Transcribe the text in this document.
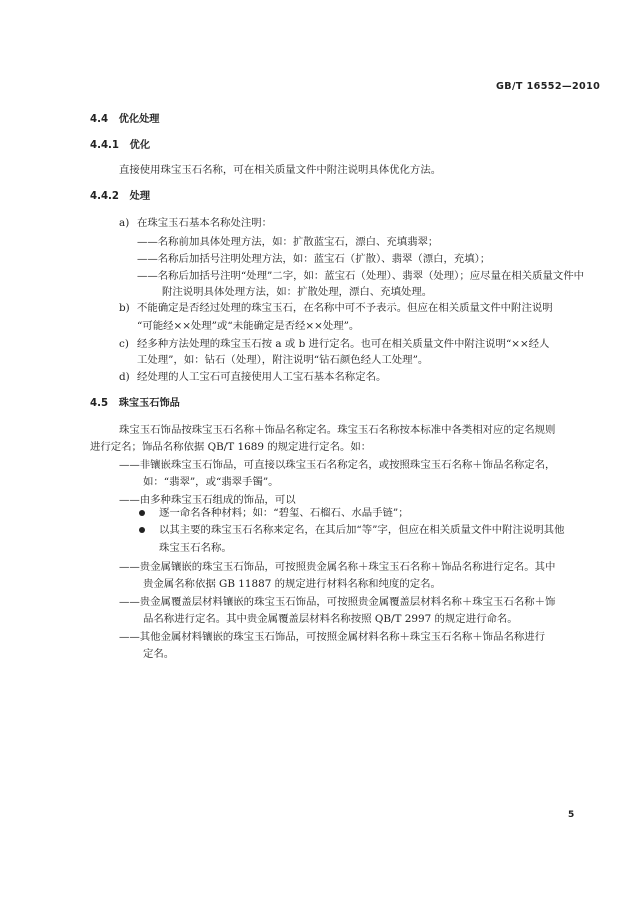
GB/T 16552—2010
4.4 优化处理
4.4.1 优化
直接使用珠宝玉石名称，可在相关质量文件中附注说明具体优化方法。
4.4.2 处理
a) 在珠宝玉石基本名称处注明：
——名称前加具体处理方法，如：扩散蓝宝石，漂白、充填翡翠；
——名称后加括号注明处理方法，如：蓝宝石（扩散）、翡翠（漂白，充填）；
——名称后加括号注明“处理”二字，如：蓝宝石（处理）、翡翠（处理）；应尽量在相关质量文件中
附注说明具体处理方法，如：扩散处理，漂白、充填处理。
b) 不能确定是否经过处理的珠宝玉石，在名称中可不予表示。但应在相关质量文件中附注说明
“可能经××处理”或“未能确定是否经××处理”。
c) 经多种方法处理的珠宝玉石按 a 或 b 进行定名。也可在相关质量文件中附注说明“××经人
工处理”，如：钻石（处理），附注说明“钻石颜色经人工处理”。
d) 经处理的人工宝石可直接使用人工宝石基本名称定名。
4.5 珠宝玉石饰品
珠宝玉石饰品按珠宝玉石名称＋饰品名称定名。珠宝玉石名称按本标准中各类相对应的定名规则
进行定名；饰品名称依据 QB/T 1689 的规定进行定名。如：
——非镶嵌珠宝玉石饰品，可直接以珠宝玉石名称定名，或按照珠宝玉石名称＋饰品名称定名，
如：“翡翠”，或“翡翠手镯”。
——由多种珠宝玉石组成的饰品，可以
逐一命名各种材料；如：“碧玺、石榴石、水晶手链”；
以其主要的珠宝玉石名称来定名，在其后加“等”字，但应在相关质量文件中附注说明其他
珠宝玉石名称。
——贵金属镶嵌的珠宝玉石饰品，可按照贵金属名称＋珠宝玉石名称＋饰品名称进行定名。其中
贵金属名称依据 GB 11887 的规定进行材料名称和纯度的定名。
——贵金属覆盖层材料镶嵌的珠宝玉石饰品，可按照贵金属覆盖层材料名称＋珠宝玉石名称＋饰
品名称进行定名。其中贵金属覆盖层材料名称按照 QB/T 2997 的规定进行命名。
——其他金属材料镶嵌的珠宝玉石饰品，可按照金属材料名称＋珠宝玉石名称＋饰品名称进行
定名。
5
